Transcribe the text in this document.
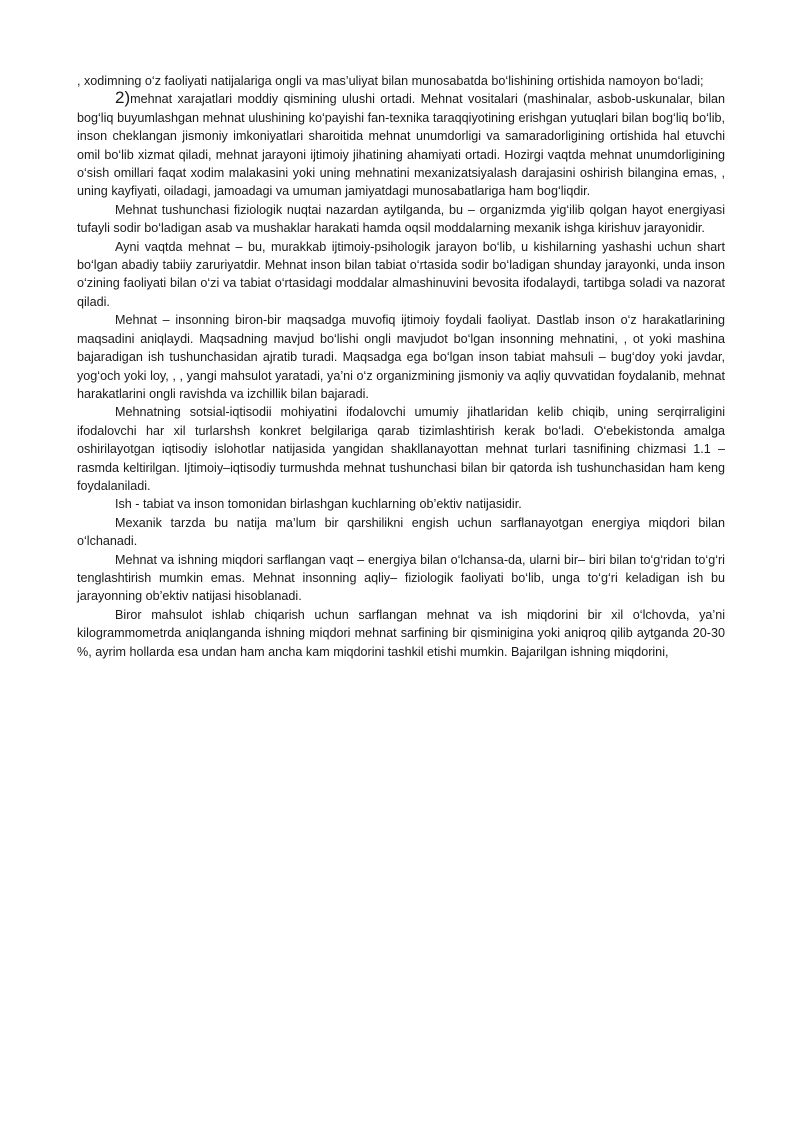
, xodimning o‘z faoliyati natijalariga ongli va mas’uliyat bilan munosabatda bo‘lishining ortishida namoyon bo‘ladi;

2)mehnat xarajatlari moddiy qismining ulushi ortadi. Mehnat vositalari (mashinalar, asbob-uskunalar, bilan bog‘liq buyumlashgan mehnat ulushining ko‘payishi fan-texnika taraqqiyotining erishgan yutuqlari bilan bog‘liq bo‘lib, inson cheklangan jismoniy imkoniyatlari sharoitida mehnat unumdorligi va samaradorligining ortishida hal etuvchi omil bo‘lib xizmat qiladi, mehnat jarayoni ijtimoiy jihatining ahamiyati ortadi. Hozirgi vaqtda mehnat unumdorligining o‘sish omillari faqat xodim malakasini yoki uning mehnatini mexanizatsiyalash darajasini oshirish bilangina emas, , uning kayfiyati, oiladagi, jamoadagi va umuman jamiyatdagi munosabatlariga ham bog‘liqdir.

Mehnat tushunchasi fiziologik nuqtai nazardan aytilganda, bu – organizmda yig‘ilib qolgan hayot energiyasi tufayli sodir bo‘ladigan asab va mushaklar harakati hamda oqsil moddalarning mexanik ishga kirishuv jarayonidir.

Ayni vaqtda mehnat – bu, murakkab ijtimoiy-psihologik jarayon bo‘lib, u kishilarning yashashi uchun shart bo‘lgan abadiy tabiiy zaruriyatdir. Mehnat inson bilan tabiat o‘rtasida sodir bo‘ladigan shunday jarayonki, unda inson o‘zining faoliyati bilan o‘zi va tabiat o‘rtasidagi moddalar almashinuvini bevosita ifodalaydi, tartibga soladi va nazorat qiladi.

Mehnat – insonning biron-bir maqsadga muvofiq ijtimoiy foydali faoliyat. Dastlab inson o‘z harakatlarining maqsadini aniqlaydi. Maqsadning mavjud bo‘lishi ongli mavjudot bo‘lgan insonning mehnatini, , ot yoki mashina bajaradigan ish tushunchasidan ajratib turadi. Maqsadga ega bo‘lgan inson tabiat mahsuli – bug‘doy yoki javdar, yog‘och yoki loy, , , yangi mahsulot yaratadi, ya’ni o‘z organizmining jismoniy va aqliy quvvatidan foydalanib, mehnat harakatlarini ongli ravishda va izchillik bilan bajaradi.

Mehnatning sotsial-iqtisodii mohiyatini ifodalovchi umumiy jihatlaridan kelib chiqib, uning serqirraligini ifodalovchi har xil turlarshsh konkret belgilariga qarab tizimlashtirish kerak bo‘ladi. O‘ebekistonda amalga oshirilayotgan iqtisodiy islohotlar natijasida yangidan shakllanayottan mehnat turlari tasnifining chizmasi 1.1 – rasmda keltirilgan. Ijtimoiy–iqtisodiy turmushda mehnat tushunchasi bilan bir qatorda ish tushunchasidan ham keng foydalaniladi.

Ish - tabiat va inson tomonidan birlashgan kuchlarning ob’ektiv natijasidir.

Mexanik tarzda bu natija ma’lum bir qarshilikni engish uchun sarflanayotgan energiya miqdori bilan o‘lchanadi.

Mehnat va ishning miqdori sarflangan vaqt – energiya bilan o‘lchansa-da, ularni bir– biri bilan to‘g‘ridan to‘g‘ri tenglashtirish mumkin emas. Mehnat insonning aqliy– fiziologik faoliyati bo‘lib, unga to‘g‘ri keladigan ish bu jarayonning ob’ektiv natijasi hisoblanadi.

Biror mahsulot ishlab chiqarish uchun sarflangan mehnat va ish miqdorini bir xil o‘lchovda, ya’ni kilogrammometrda aniqlanganda ishning miqdori mehnat sarfining bir qisminigina yoki aniqroq qilib aytganda 20-30 %, ayrim hollarda esa undan ham ancha kam miqdorini tashkil etishi mumkin. Bajarilgan ishning miqdorini,
